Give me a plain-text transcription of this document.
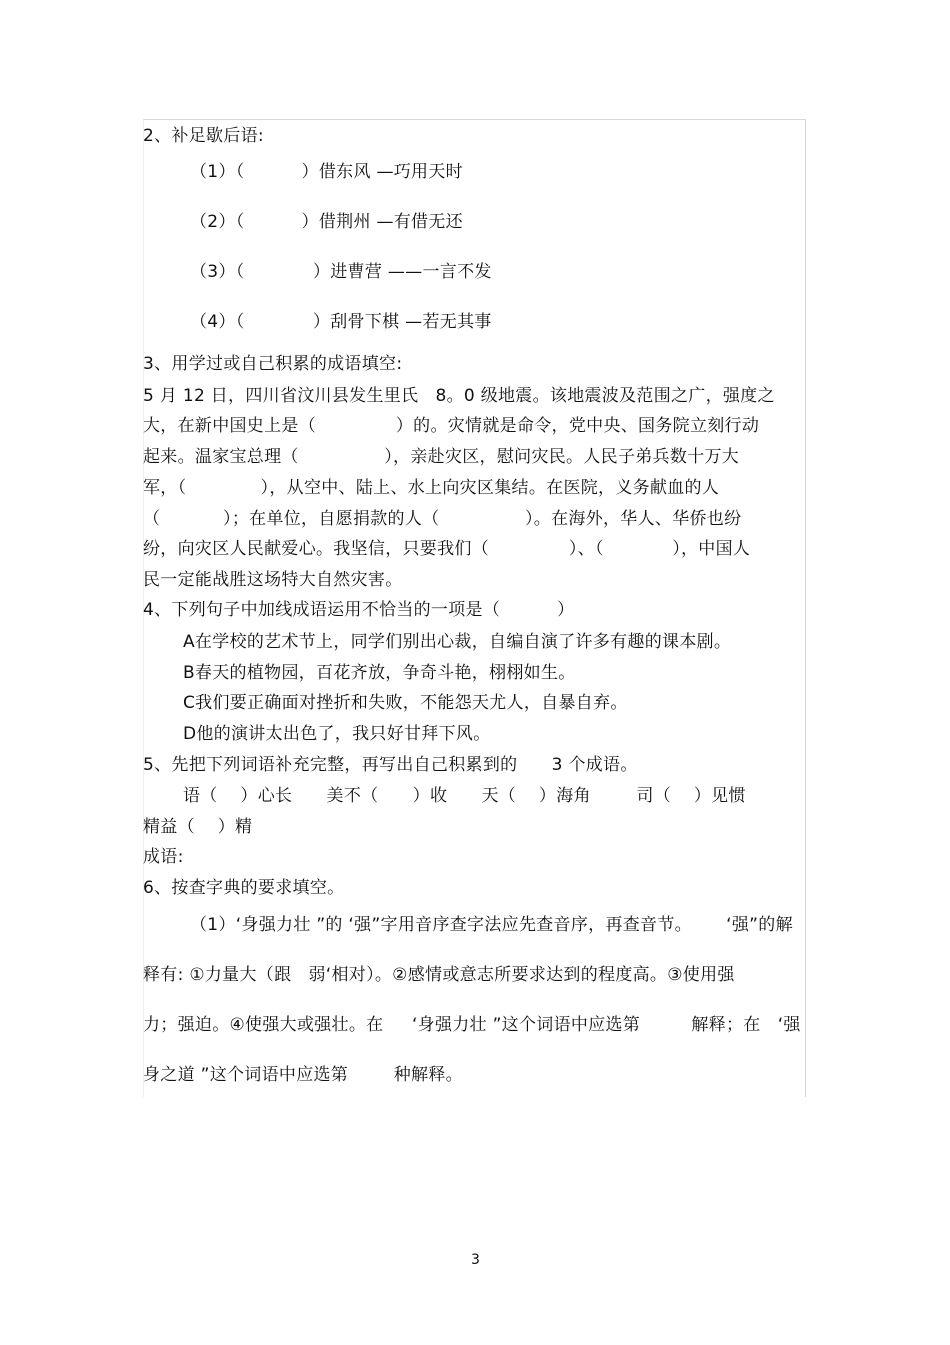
2、补足歇后语:
（1）（          ）借东风 —巧用天时
（2）（          ）借荆州 —有借无还
（3）（            ）进曹营 ——一言不发
（4）（            ）刮骨下棋 —若无其事
3、用学过或自己积累的成语填空:
5 月 12 日，四川省汶川县发生里氏   8。0 级地震。该地震波及范围之广，强度之
大，在新中国史上是（              ）的。灾情就是命令，党中央、国务院立刻行动
起来。温家宝总理（               ），亲赴灾区，慰问灾民。人民子弟兵数十万大
军，（             ），从空中、陆上、水上向灾区集结。在医院，义务献血的人
（           ）；在单位，自愿捐款的人（               ）。在海外，华人、华侨也纷
纷，向灾区人民献爱心。我坚信，只要我们（              ）、（            ），中国人
民一定能战胜这场特大自然灾害。
4、下列句子中加线成语运用不恰当的一项是（          ）
A在学校的艺术节上，同学们别出心裁，自编自演了许多有趣的课本剧。
B春天的植物园，百花齐放，争奇斗艳，栩栩如生。
C我们要正确面对挫折和失败，不能怨天尤人，自暴自弃。
D他的演讲太出色了，我只好甘拜下风。
5、先把下列词语补充完整，再写出自己积累到的      3 个成语。
语（    ）心长      美不（      ）收      天（    ）海角        司（    ）见惯
精益（    ）精
成语:
6、按查字典的要求填空。
（1）‘身强力壮 ”的 ‘强”字用音序查字法应先查音序，再查音节。      ‘强”的解
释有: ①力量大（跟   弱‘相对）。②感情或意志所要求达到的程度高。③使用强
力；强迫。④使强大或强壮。在     ‘身强力壮 ”这个词语中应选第         解释；在   ‘强
身之道 ”这个词语中应选第        种解释。
3
